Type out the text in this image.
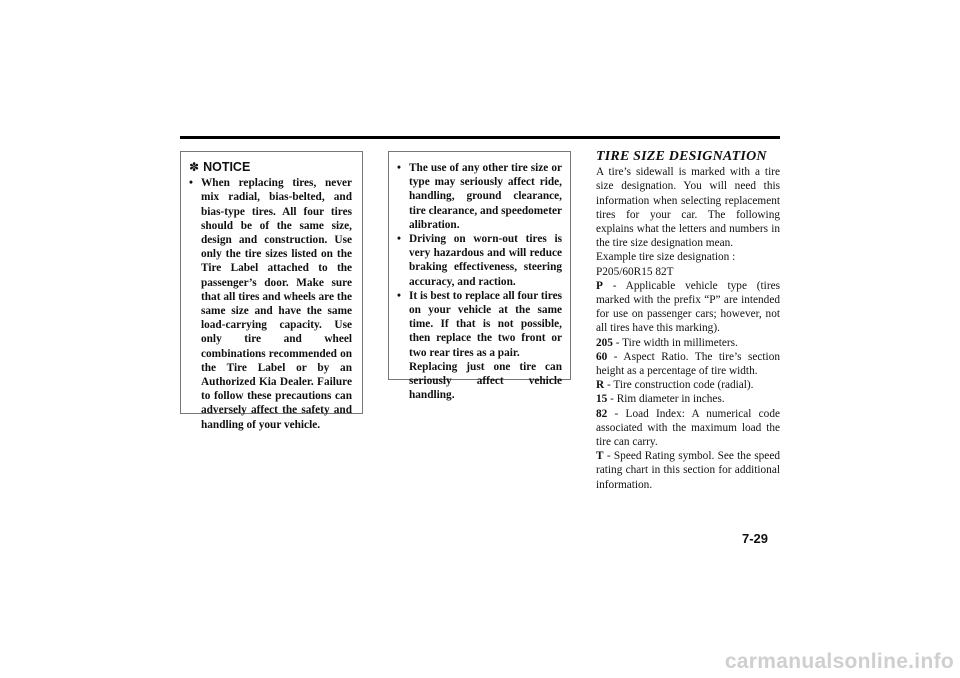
✽ NOTICE
• When replacing tires, never mix radial, bias-belted, and bias-type tires. All four tires should be of the same size, design and construction. Use only the tire sizes listed on the Tire Label attached to the passenger’s door. Make sure that all tires and wheels are the same size and have the same load-carrying capacity. Use only tire and wheel combinations recommended on the Tire Label or by an Authorized Kia Dealer. Failure to follow these precautions can adversely affect the safety and handling of your vehicle.
• The use of any other tire size or type may seriously affect ride, handling, ground clearance, tire clearance, and speedometer alibration.
• Driving on worn-out tires is very hazardous and will reduce braking effectiveness, steering accuracy, and raction.
• It is best to replace all four tires on your vehicle at the same time. If that is not possible, then replace the two front or two rear tires as a pair.
Replacing just one tire can seriously affect vehicle handling.
TIRE SIZE DESIGNATION

A tire’s sidewall is marked with a tire size designation. You will need this information when selecting replacement tires for your car. The following explains what the letters and numbers in the tire size designation mean.

Example tire size designation :

P205/60R15 82T

P - Applicable vehicle type (tires marked with the prefix “P” are intended for use on passenger cars; however, not all tires have this marking).

205 - Tire width in millimeters.

60 - Aspect Ratio. The tire’s section height as a percentage of tire width.

R - Tire construction code (radial).

15 - Rim diameter in inches.

82 - Load Index: A numerical code associated with the maximum load the tire can carry.

T - Speed Rating symbol. See the speed rating chart in this section for additional information.

7-29
carmanualsonline.info
